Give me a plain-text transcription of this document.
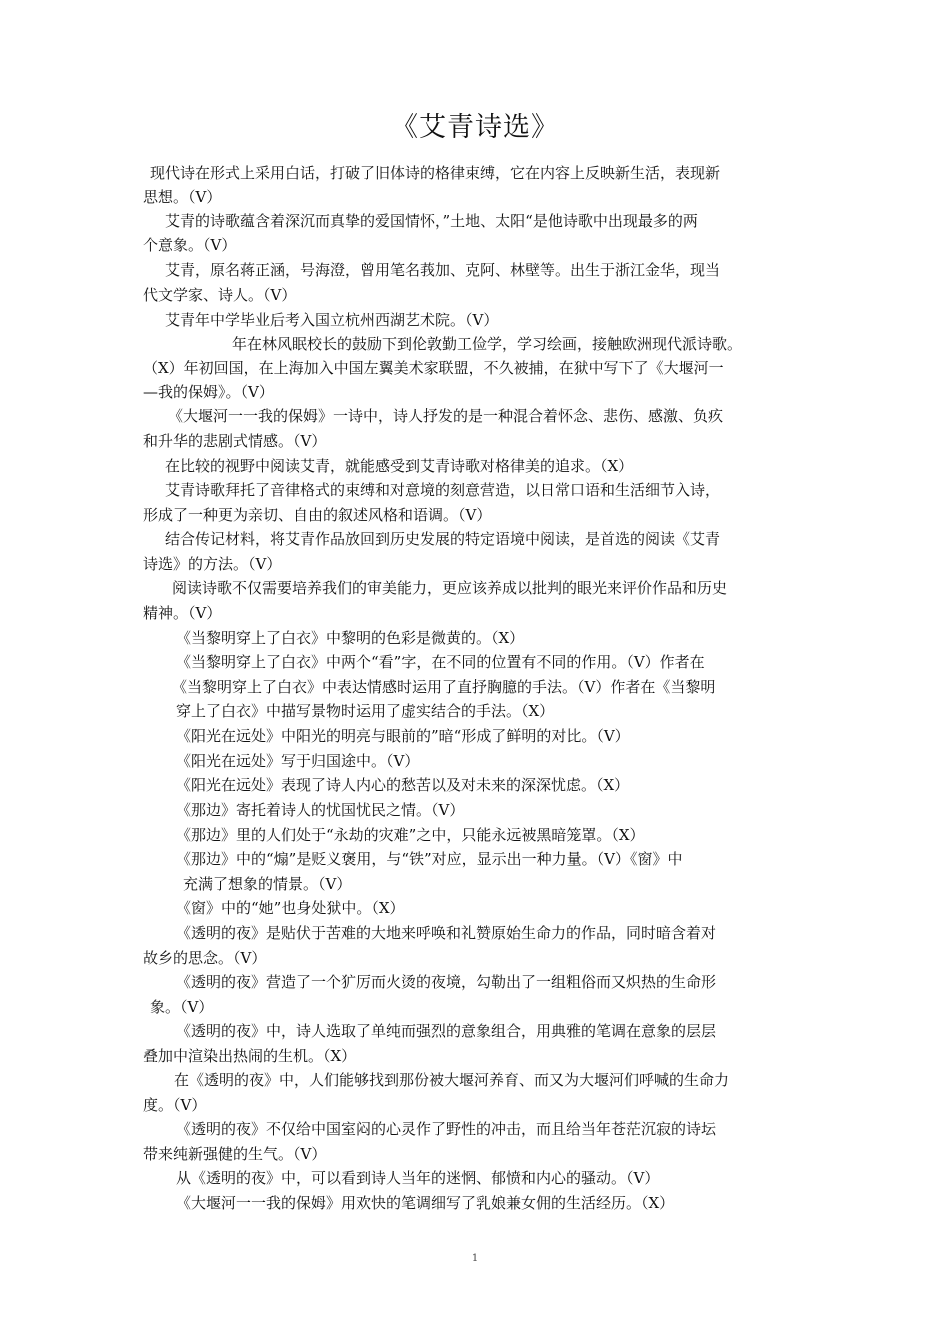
《艾青诗选》
现代诗在形式上采用白话，打破了旧体诗的格律束缚，它在内容上反映新生活，表现新
思想。（V）
艾青的诗歌蕴含着深沉而真挚的爱国情怀，”土地、太阳“是他诗歌中出现最多的两
个意象。（V）
艾青，原名蒋正涵，号海澄，曾用笔名莪加、克阿、林壁等。出生于浙江金华，现当
代文学家、诗人。（V）
艾青年中学毕业后考入国立杭州西湖艺术院。（V）
年在林风眠校长的鼓励下到伦敦勤工俭学，学习绘画，接触欧洲现代派诗歌。
（X）年初回国，在上海加入中国左翼美术家联盟，不久被捕，在狱中写下了《大堰河一
—我的保姆》。（V）
《大堰河一一我的保姆》一诗中，诗人抒发的是一种混合着怀念、悲伤、感激、负疚
和升华的悲剧式情感。（V）
在比较的视野中阅读艾青，就能感受到艾青诗歌对格律美的追求。（X）
艾青诗歌拜托了音律格式的束缚和对意境的刻意营造，以日常口语和生活细节入诗，
形成了一种更为亲切、自由的叙述风格和语调。（V）
结合传记材料，将艾青作品放回到历史发展的特定语境中阅读，是首选的阅读《艾青
诗选》的方法。（V）
阅读诗歌不仅需要培养我们的审美能力，更应该养成以批判的眼光来评价作品和历史
精神。（V）
《当黎明穿上了白衣》中黎明的色彩是微黄的。（X）
《当黎明穿上了白衣》中两个“看”字，在不同的位置有不同的作用。（V）作者在
《当黎明穿上了白衣》中表达情感时运用了直抒胸臆的手法。（V）作者在《当黎明
穿上了白衣》中描写景物时运用了虚实结合的手法。（X）
《阳光在远处》中阳光的明亮与眼前的”暗“形成了鲜明的对比。（V）
《阳光在远处》写于归国途中。（V）
《阳光在远处》表现了诗人内心的愁苦以及对未来的深深忧虑。（X）
《那边》寄托着诗人的忧国忧民之情。（V）
《那边》里的人们处于“永劫的灾难”之中，只能永远被黑暗笼罩。（X）
《那边》中的“煽”是贬义褒用，与“铁”对应，显示出一种力量。（V）《窗》中
充满了想象的情景。（V）
《窗》中的“她”也身处狱中。（X）
《透明的夜》是贴伏于苦难的大地来呼唤和礼赞原始生命力的作品，同时暗含着对
故乡的思念。（V）
《透明的夜》营造了一个犷厉而火烫的夜境，勾勒出了一组粗俗而又炽热的生命形
象。（V）
《透明的夜》中，诗人选取了单纯而强烈的意象组合，用典雅的笔调在意象的层层
叠加中渲染出热闹的生机。（X）
在《透明的夜》中，人们能够找到那份被大堰河养育、而又为大堰河们呼喊的生命力
度。（V）
《透明的夜》不仅给中国室闷的心灵作了野性的冲击，而且给当年苍茫沉寂的诗坛
带来纯新强健的生气。（V）
从《透明的夜》中，可以看到诗人当年的迷惘、郁愤和内心的骚动。（V）
《大堰河一一我的保姆》用欢快的笔调细写了乳娘兼女佣的生活经历。（X）
1
